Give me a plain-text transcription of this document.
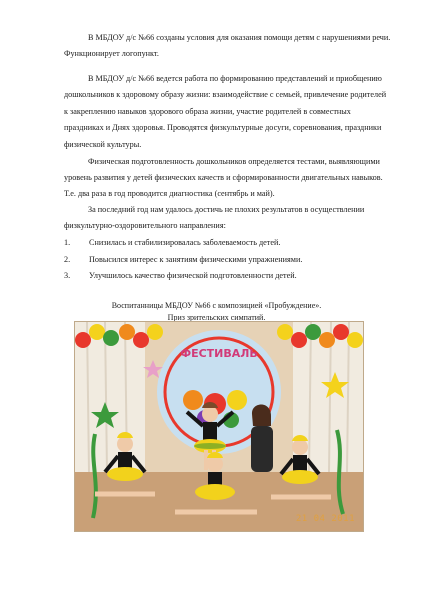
В МБДОУ д/с №66 созданы условия для оказания помощи детям с нарушениями речи.

Функционирует логопункт.

В МБДОУ д/с №66 ведется работа по формированию представлений и приобщению

дошкольников к здоровому образу жизни: взаимодействие с семьей, привлечение родителей

к закреплению навыков здорового образа жизни, участие родителей в совместных

праздниках и Днях здоровья. Проводятся физкультурные досуги, соревнования, праздники

физической культуры.

Физическая подготовленность дошкольников определяется тестами, выявляющими

уровень развития у детей физических качеств и сформированности двигательных навыков.

Т.е. два раза в год проводится диагностика (сентябрь и май).

За последний год нам удалось достичь не плохих результатов в осуществлении

физкультурно-оздоровительного направления:

1. Снизилась и стабилизировалась заболеваемость детей.
2. Повысился интерес к занятиям физическими упражнениями.
3. Улучшилось качество физической подготовленности детей.
Воспитанницы МБДОУ №66 с композицией «Пробуждение».
Приз зрительских симпатий.
ФЕСТИВАЛЬ
21 04 2011
